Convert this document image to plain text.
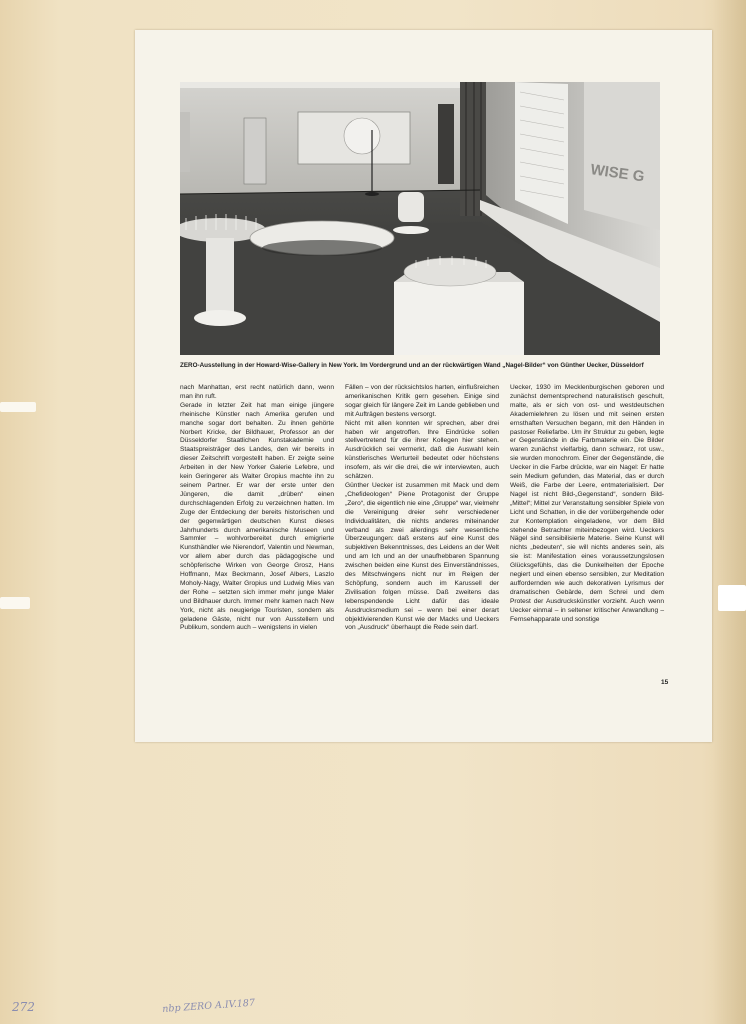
WISE G
ZERO-Ausstellung in der Howard-Wise-Gallery in New York. Im Vordergrund und an der rückwärtigen Wand „Nagel-Bilder“ von Günther Uecker, Düsseldorf

nach Manhattan, erst recht natürlich dann, wenn man ihn ruft.

Gerade in letzter Zeit hat man einige jüngere rheinische Künstler nach Amerika gerufen und manche sogar dort behalten. Zu ihnen gehörte Norbert Kricke, der Bildhauer, Professor an der Düsseldorfer Staatlichen Kunstakademie und Staatspreisträger des Landes, den wir bereits in dieser Zeitschrift vorgestellt haben. Er zeigte seine Arbeiten in der New Yorker Galerie Lefebre, und kein Geringerer als Walter Gropius machte ihn zu seinem Partner. Er war der erste unter den Jüngeren, die damit „drüben“ einen durchschlagenden Erfolg zu verzeichnen hatten. Im Zuge der Entdeckung der bereits historischen und der gegenwärtigen deutschen Kunst dieses Jahrhunderts durch amerikanische Museen und Sammler – wohlvorbereitet durch emigrierte Kunsthändler wie Nierendorf, Valentin und Newman, vor allem aber durch das pädagogische und schöpferische Wirken von George Grosz, Hans Hoffmann, Max Beckmann, Josef Albers, Laszlo Moholy-Nagy, Walter Gropius und Ludwig Mies van der Rohe – setzten sich immer mehr junge Maler und Bildhauer durch. Immer mehr kamen nach New York, nicht als neugierige Touristen, sondern als geladene Gäste, nicht nur von Ausstellern und Publikum, sondern auch – wenigstens in vielen

Fällen – von der rücksichtslos harten, einflußreichen amerikanischen Kritik gern gesehen. Einige sind sogar gleich für längere Zeit im Lande geblieben und mit Aufträgen bestens versorgt.

Nicht mit allen konnten wir sprechen, aber drei haben wir angetroffen. Ihre Eindrücke sollen stellvertretend für die ihrer Kollegen hier stehen. Ausdrücklich sei vermerkt, daß die Auswahl kein künstlerisches Werturteil bedeutet oder höchstens insofern, als wir die drei, die wir interviewten, auch schätzen.

Günther Uecker ist zusammen mit Mack und dem „Chefideologen“ Piene Protagonist der Gruppe „Zero“, die eigentlich nie eine „Gruppe“ war, vielmehr die Vereinigung dreier sehr verschiedener Individualitäten, die nichts anderes miteinander verband als zwei allerdings sehr wesentliche Überzeugungen: daß erstens auf eine Kunst des subjektiven Bekenntnisses, des Leidens an der Welt und am Ich und an der unaufhebbaren Spannung zwischen beiden eine Kunst des Einverständnisses, des Mitschwingens nicht nur im Reigen der Schöpfung, sondern auch im Karussell der Zivilisation folgen müsse. Daß zweitens das lebenspendende Licht dafür das ideale Ausdrucksmedium sei – wenn bei einer derart objektivierenden Kunst wie der Macks und Ueckers von „Ausdruck“ überhaupt die Rede sein darf.

Uecker, 1930 im Mecklenburgischen geboren und zunächst dementsprechend naturalistisch geschult, malte, als er sich von ost- und westdeutschen Akademielehren zu lösen und mit seinen ersten ernsthaften Versuchen begann, mit den Händen in pastoser Reliefarbe. Um ihr Struktur zu geben, legte er Gegenstände in die Farbmaterie ein. Die Bilder waren zunächst vielfarbig, dann schwarz, rot usw., sie wurden monochrom. Einer der Gegenstände, die Uecker in die Farbe drückte, war ein Nagel: Er hatte sein Medium gefunden, das Material, das er durch Weiß, die Farbe der Leere, entmaterialisiert. Der Nagel ist nicht Bild-„Gegenstand“, sondern Bild-„Mittel“; Mittel zur Veranstaltung sensibler Spiele von Licht und Schatten, in die der vorübergehende oder zur Kontemplation eingeladene, vor dem Bild stehende Betrachter miteinbezogen wird. Ueckers Nägel sind sensibilisierte Materie. Seine Kunst will nichts „bedeuten“, sie will nichts anderes sein, als sie ist: Manifestation eines voraussetzungslosen Glücksgefühls, das die Dunkelheiten der Epoche negiert und einen ebenso sensiblen, zur Meditation auffordernden wie auch dekorativen Lyrismus der dramatischen Gebärde, dem Schrei und dem Protest der Ausdruckskünstler vorzieht. Auch wenn Uecker einmal – in seltener kritischer Anwandlung – Fernsehapparate und sonstige

15
272	nbp ZERO A.IV.187
